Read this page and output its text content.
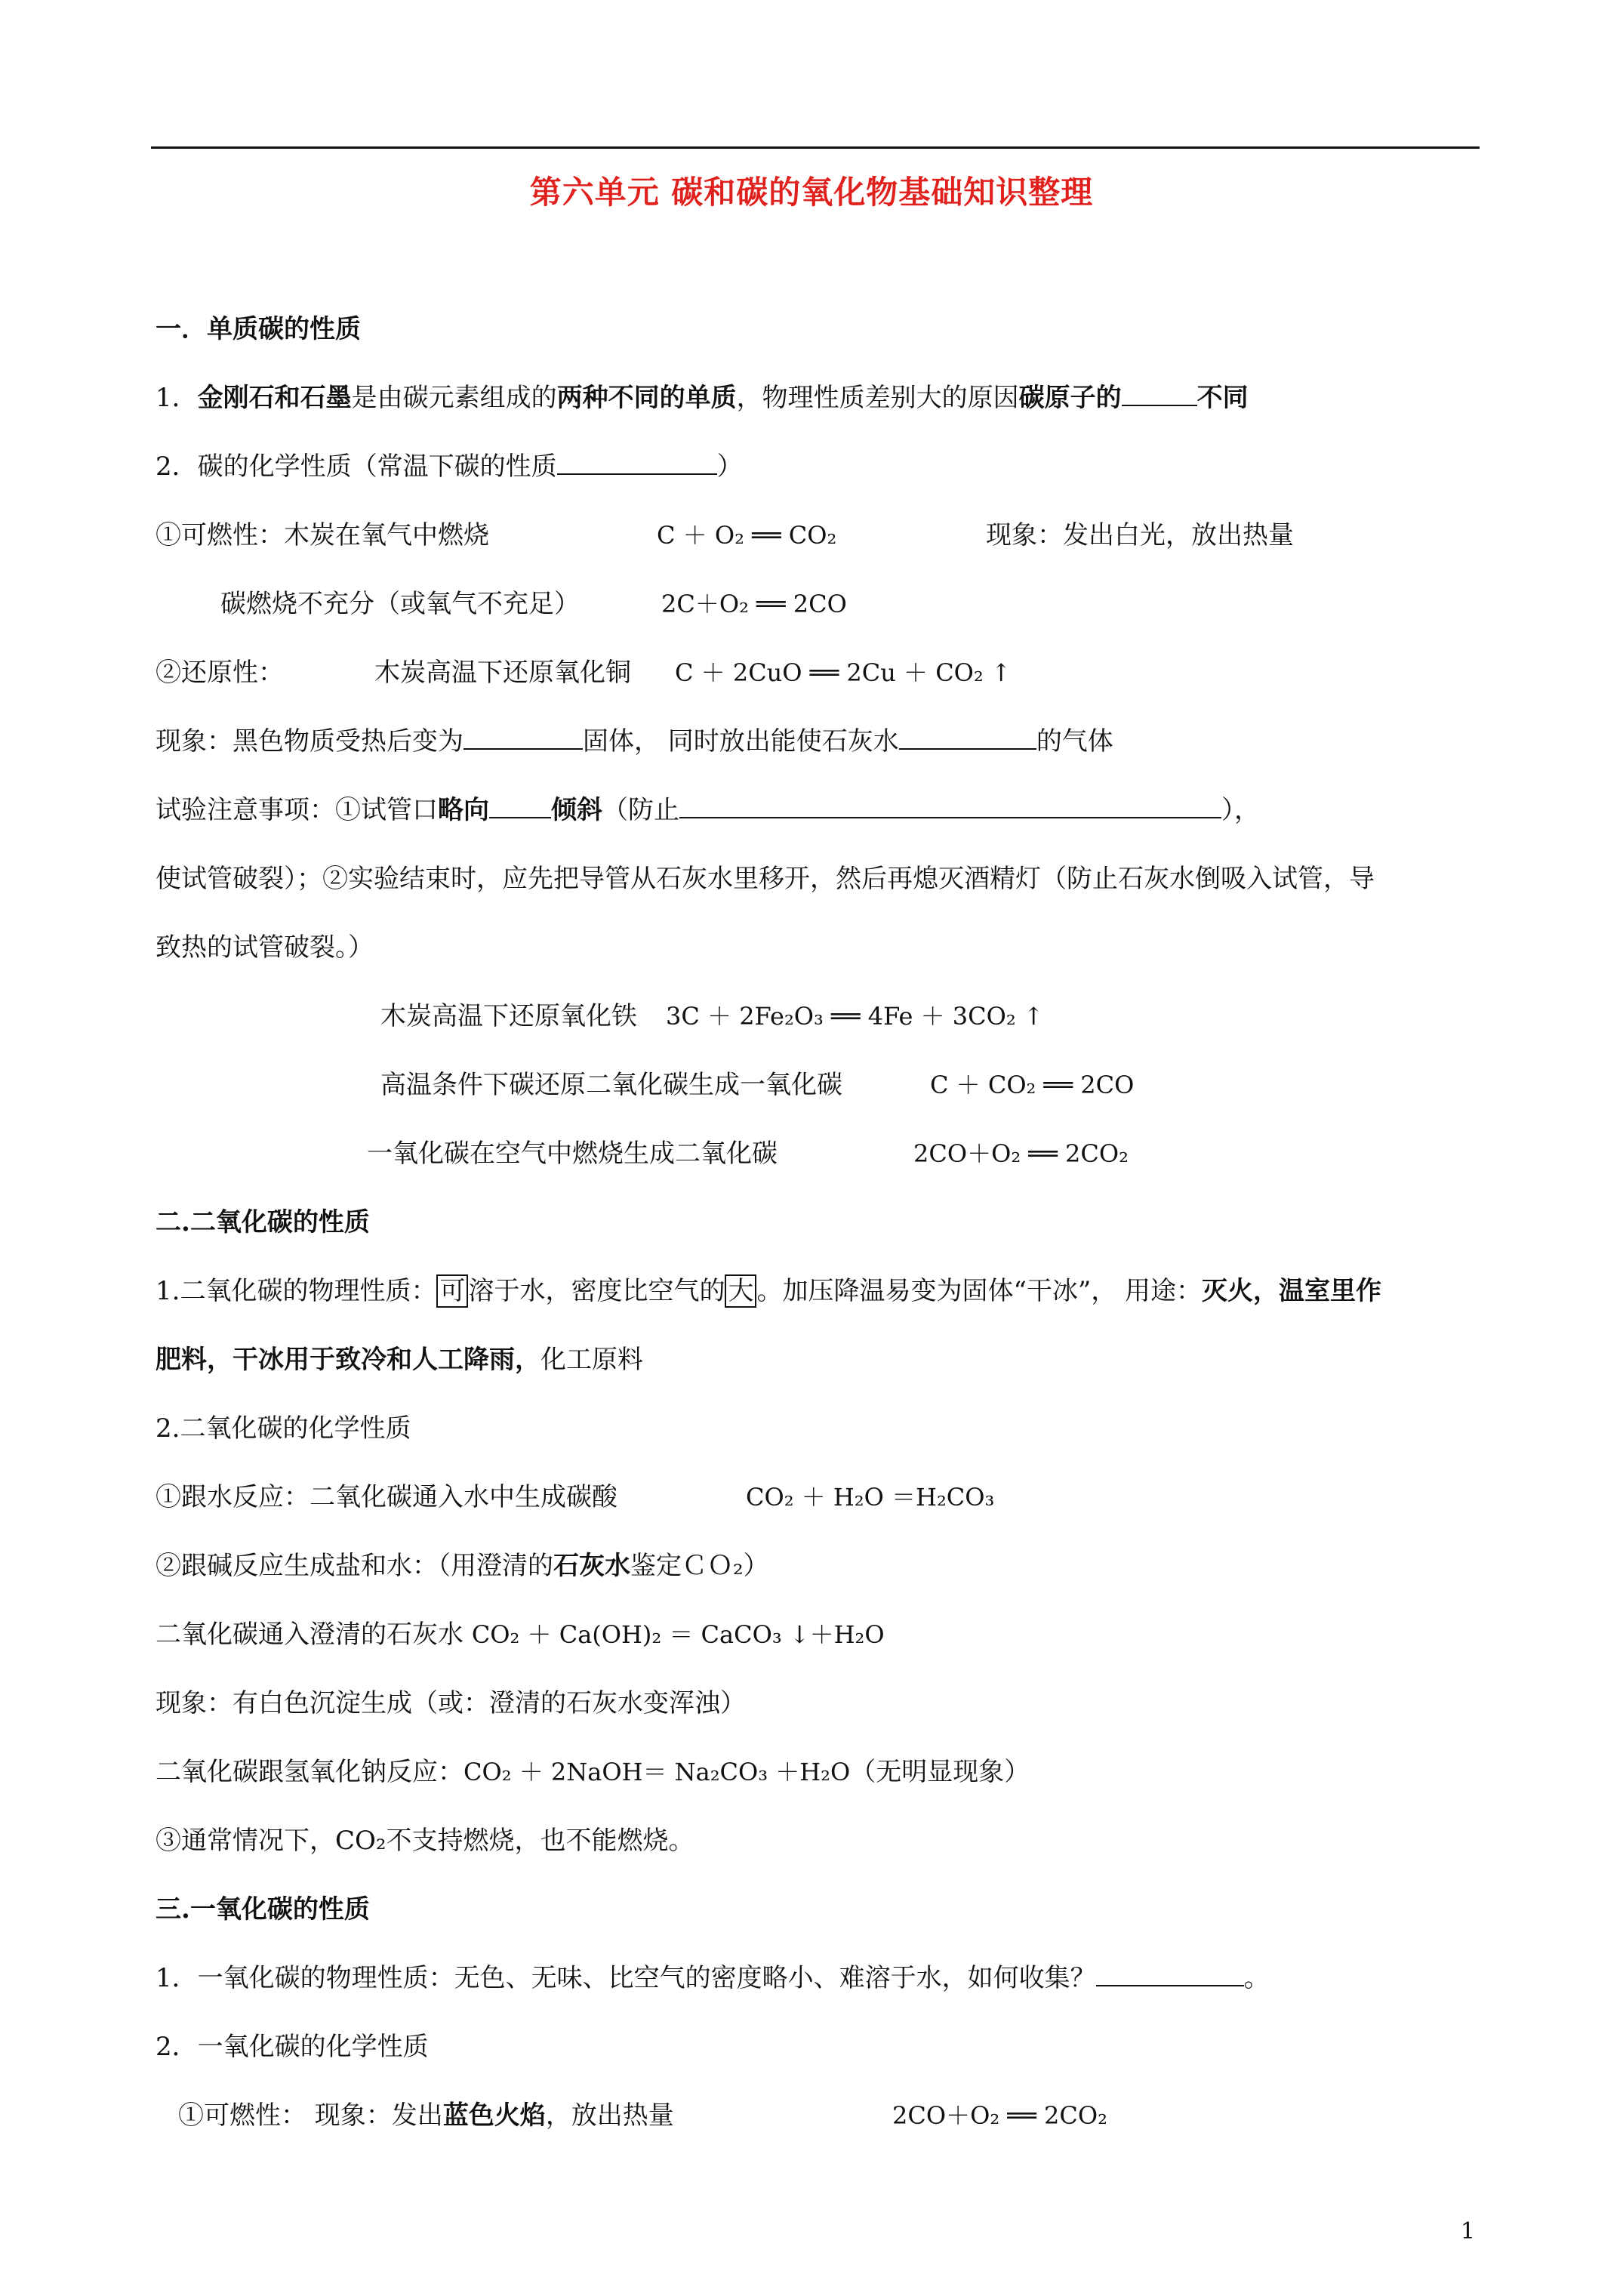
第六单元 碳和碳的氧化物基础知识整理
一．单质碳的性质
1．金刚石和石墨是由碳元素组成的两种不同的单质，物理性质差别大的原因碳原子的	不同
2．碳的化学性质（常温下碳的性质	）
①可燃性：木炭在氧气中燃烧	C ＋ O₂ ══ CO₂	现象：发出白光，放出热量
碳燃烧不充分（或氧气不充足）	2C＋O₂ ══ 2CO
②还原性：	木炭高温下还原氧化铜 C ＋ 2CuO ══ 2Cu ＋ CO₂ ↑
现象：黑色物质受热后变为	固体， 同时放出能使石灰水	的气体
试验注意事项：①试管口略向 倾斜（防止	），
使试管破裂）；②实验结束时，应先把导管从石灰水里移开，然后再熄灭酒精灯（防止石灰水倒吸入试管，导
致热的试管破裂。）
木炭高温下还原氧化铁 3C ＋ 2Fe₂O₃ ══ 4Fe ＋ 3CO₂ ↑
高温条件下碳还原二氧化碳生成一氧化碳	C ＋ CO₂ ══ 2CO
一氧化碳在空气中燃烧生成二氧化碳	2CO＋O₂ ══ 2CO₂
二.二氧化碳的性质
1.二氧化碳的物理性质： 可 溶于水，密度比空气的 大 。加压降温易变为固体“干冰”， 用途：灭火，温室里作
肥料，干冰用于致冷和人工降雨，化工原料
2.二氧化碳的化学性质
①跟水反应：二氧化碳通入水中生成碳酸	CO₂ ＋ H₂O ＝H₂CO₃
②跟碱反应生成盐和水：（用澄清的石灰水鉴定ＣＯ₂）
二氧化碳通入澄清的石灰水 CO₂ ＋ Ca(OH)₂ ＝ CaCO₃ ↓＋H₂O
现象：有白色沉淀生成（或：澄清的石灰水变浑浊）
二氧化碳跟氢氧化钠反应：CO₂ ＋ 2NaOH＝ Na₂CO₃ ＋H₂O（无明显现象）
③通常情况下，CO₂不支持燃烧，也不能燃烧。
三.一氧化碳的性质
1．一氧化碳的物理性质：无色、无味、比空气的密度略小、难溶于水，如何收集？	。
2．一氧化碳的化学性质
①可燃性： 现象：发出蓝色火焰，放出热量	2CO＋O₂ ══ 2CO₂
1
